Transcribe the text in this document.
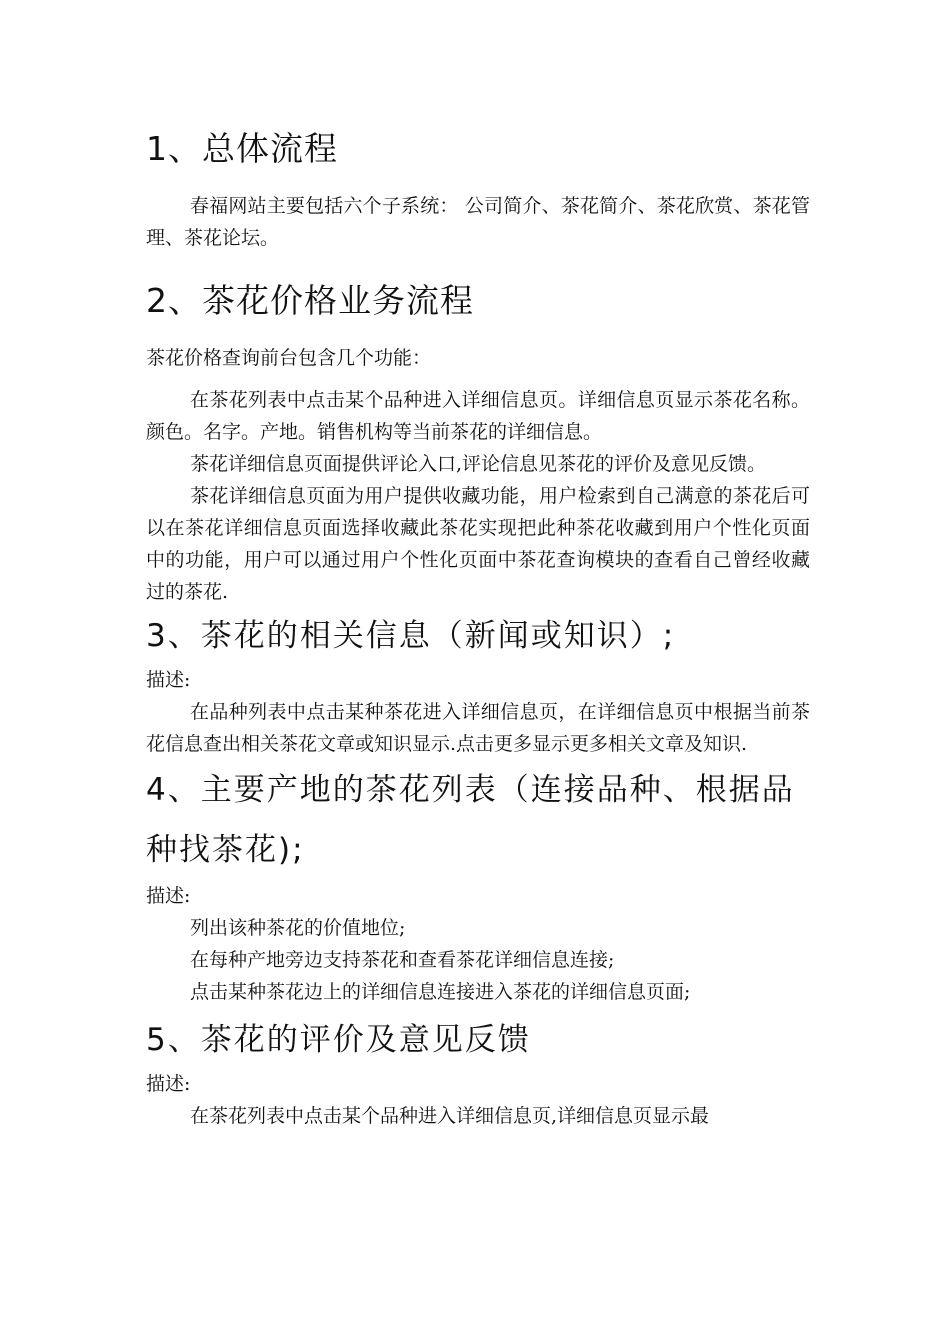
1、总体流程

春福网站主要包括六个子系统： 公司简介、茶花简介、茶花欣赏、茶花管理、茶花论坛。

2、茶花价格业务流程

茶花价格查询前台包含几个功能：

在茶花列表中点击某个品种进入详细信息页。详细信息页显示茶花名称。颜色。名字。产地。销售机构等当前茶花的详细信息。

茶花详细信息页面提供评论入口,评论信息见茶花的评价及意见反馈。

茶花详细信息页面为用户提供收藏功能，用户检索到自己满意的茶花后可以在茶花详细信息页面选择收藏此茶花实现把此种茶花收藏到用户个性化页面中的功能，用户可以通过用户个性化页面中茶花查询模块的查看自己曾经收藏过的茶花.

3、茶花的相关信息（新闻或知识）;

描述:

在品种列表中点击某种茶花进入详细信息页，在详细信息页中根据当前茶花信息查出相关茶花文章或知识显示.点击更多显示更多相关文章及知识.

4、主要产地的茶花列表（连接品种、根据品种找茶花);

描述:

列出该种茶花的价值地位;

在每种产地旁边支持茶花和查看茶花详细信息连接;

点击某种茶花边上的详细信息连接进入茶花的详细信息页面;

5、茶花的评价及意见反馈

描述:

在茶花列表中点击某个品种进入详细信息页,详细信息页显示最
